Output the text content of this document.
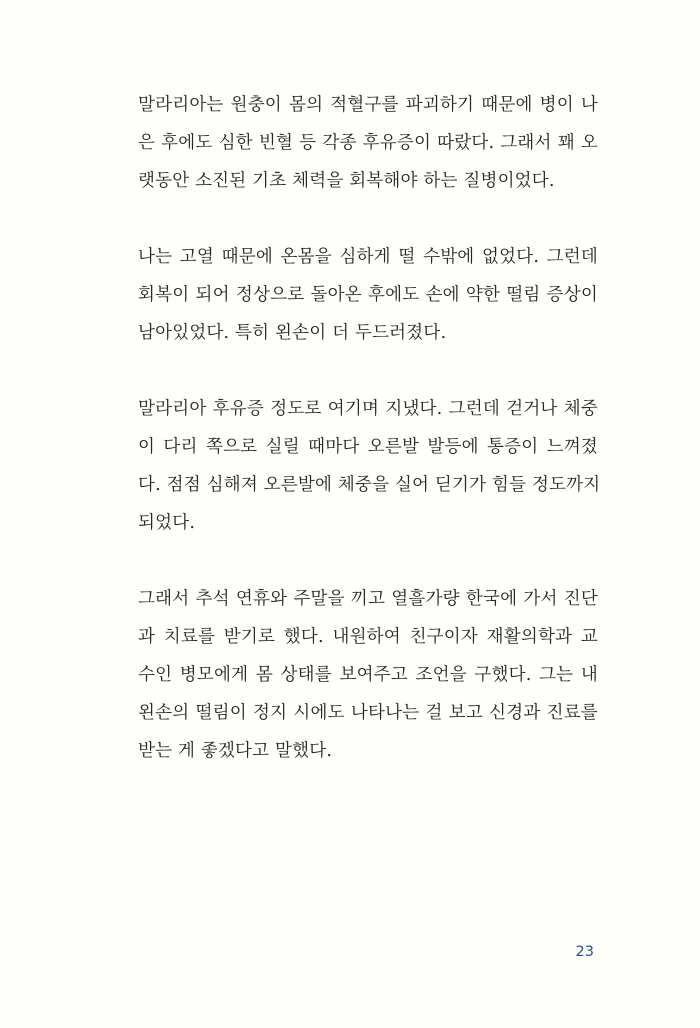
말라리아는 원충이 몸의 적혈구를 파괴하기 때문에 병이 나
은 후에도 심한 빈혈 등 각종 후유증이 따랐다. 그래서 꽤 오
랫동안 소진된 기초 체력을 회복해야 하는 질병이었다.
나는 고열 때문에 온몸을 심하게 떨 수밖에 없었다. 그런데
회복이 되어 정상으로 돌아온 후에도 손에 약한 떨림 증상이
남아있었다. 특히 왼손이 더 두드러졌다.
말라리아 후유증 정도로 여기며 지냈다. 그런데 걷거나 체중
이 다리 쪽으로 실릴 때마다 오른발 발등에 통증이 느껴졌
다. 점점 심해져 오른발에 체중을 실어 딛기가 힘들 정도까지
되었다.
그래서 추석 연휴와 주말을 끼고 열흘가량 한국에 가서 진단
과 치료를 받기로 했다. 내원하여 친구이자 재활의학과 교
수인 병모에게 몸 상태를 보여주고 조언을 구했다. 그는 내
왼손의 떨림이 정지 시에도 나타나는 걸 보고 신경과 진료를
받는 게 좋겠다고 말했다.

23
